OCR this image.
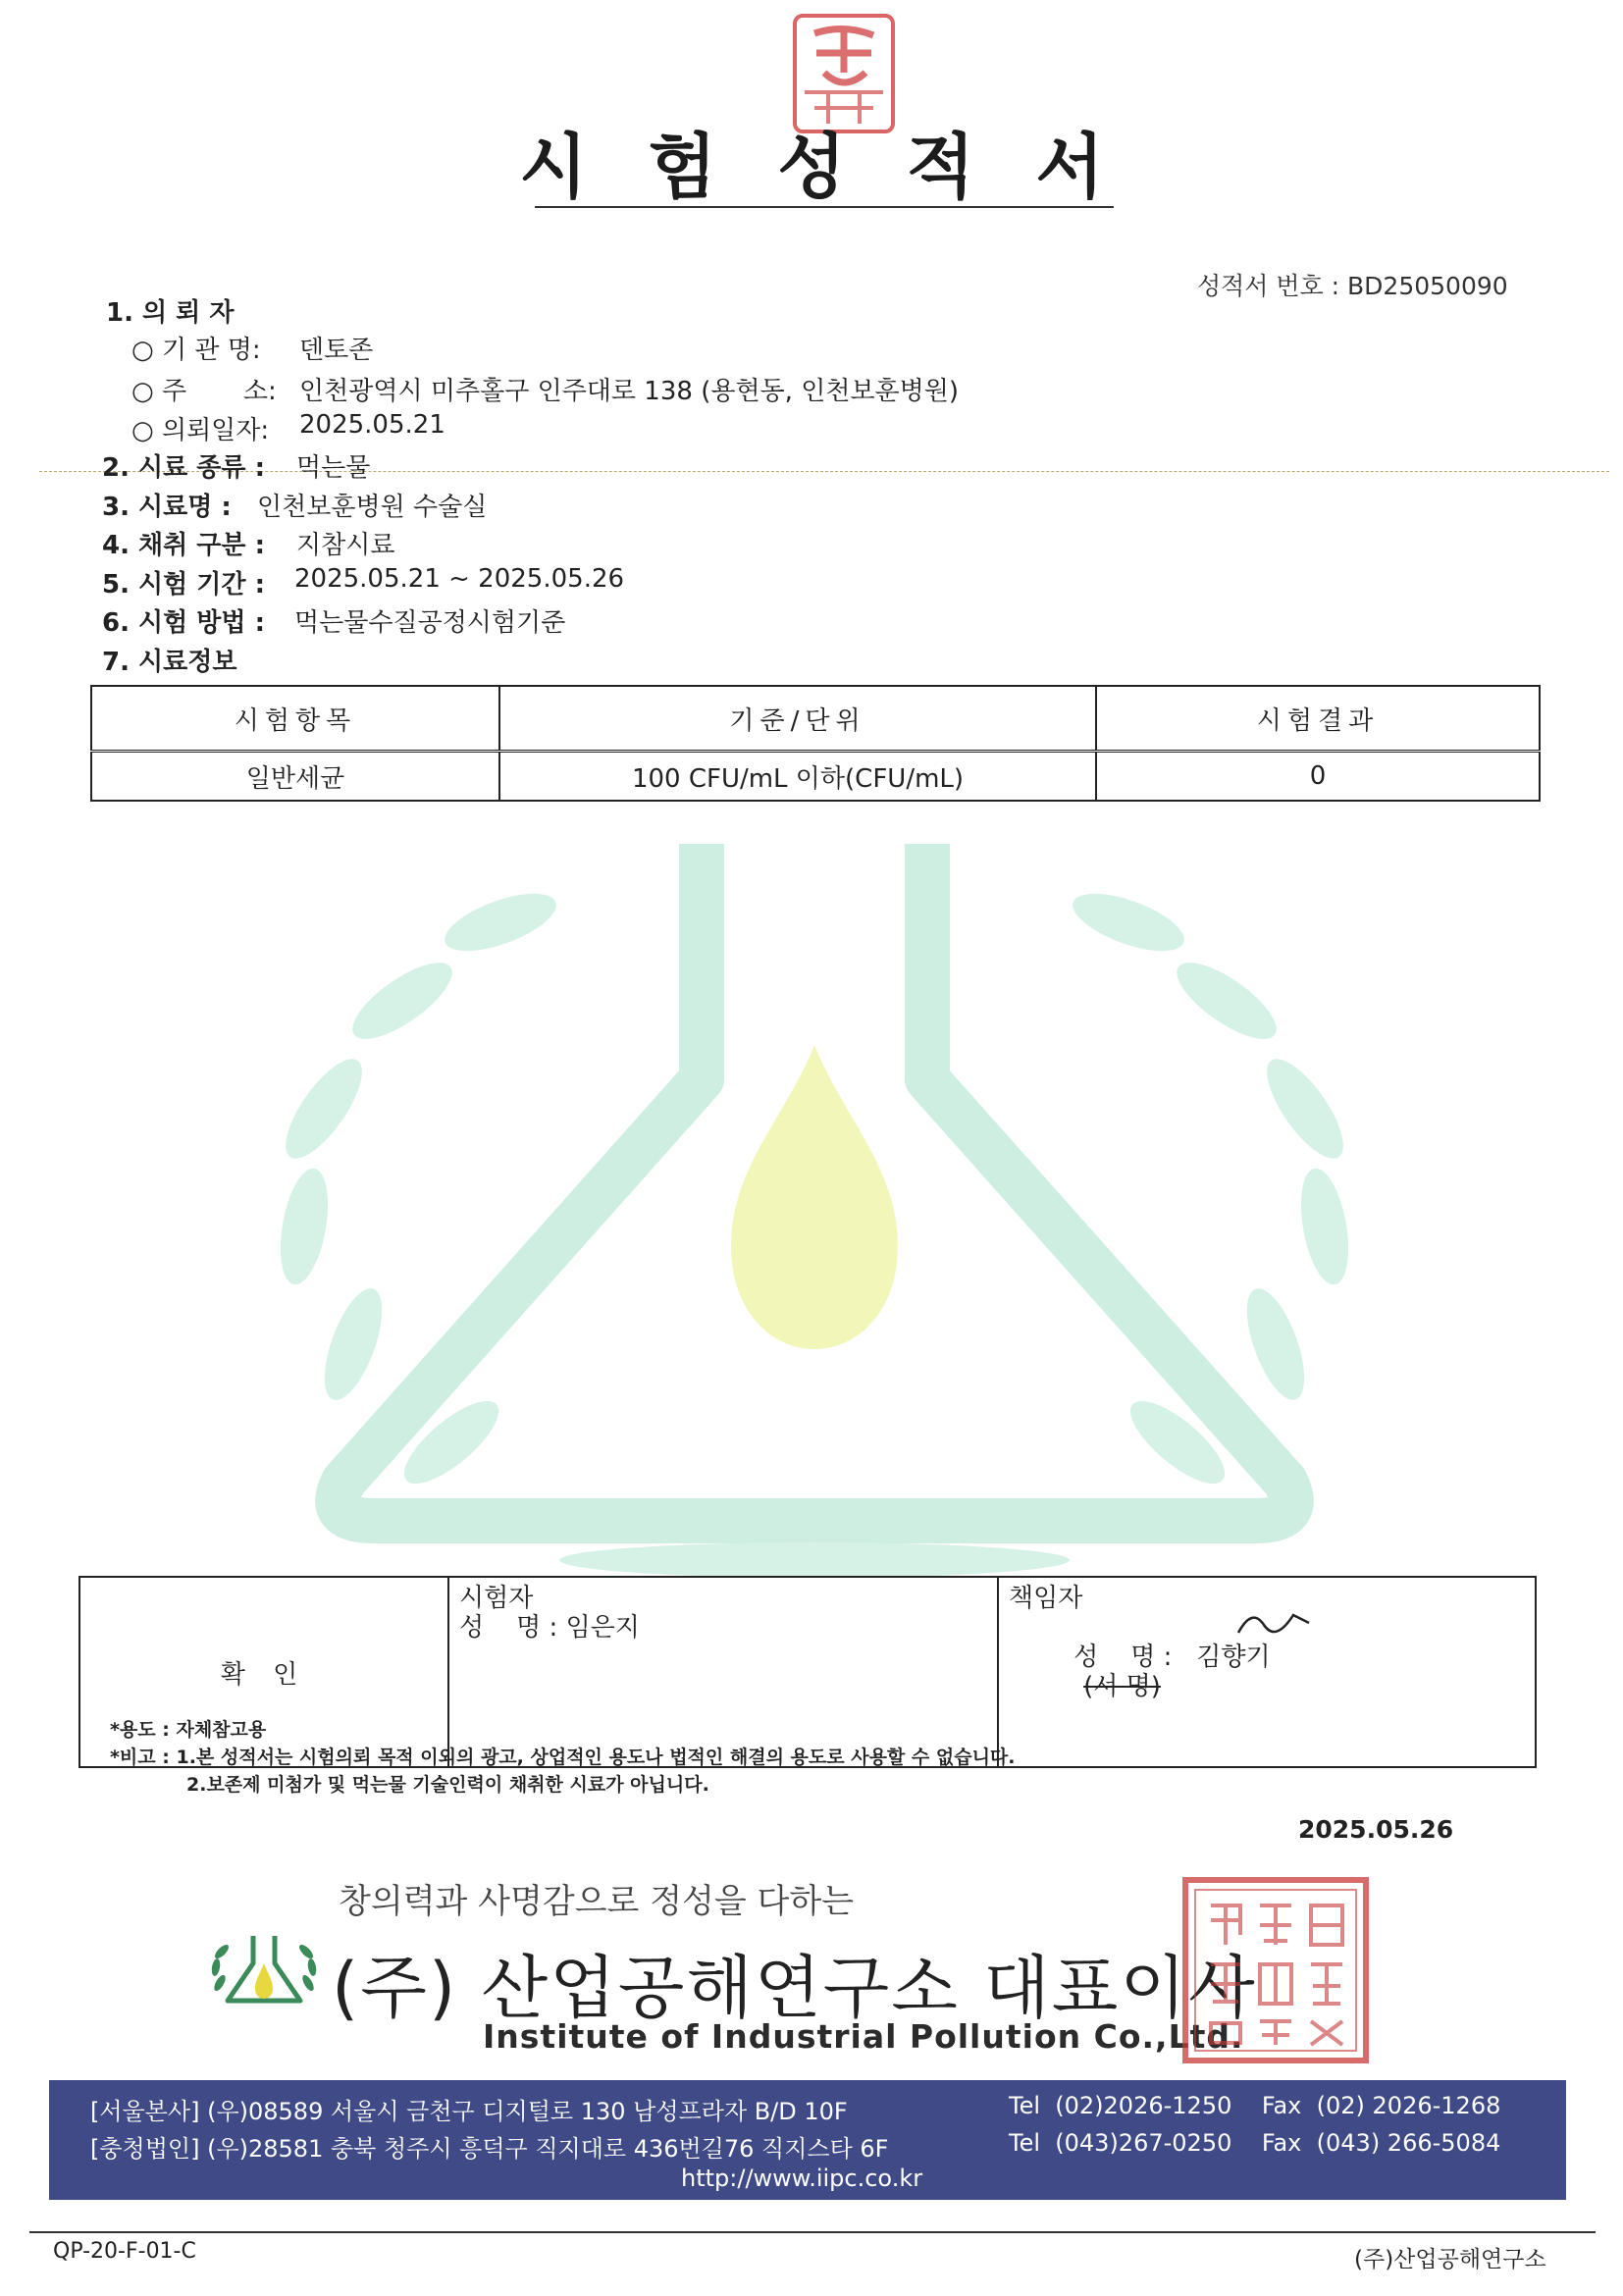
시험성적서
성적서 번호 : BD25050090
1. 의 뢰 자
○ 기 관 명: 덴토존
○ 주       소: 인천광역시 미추홀구 인주대로 138 (용현동, 인천보훈병원)
○ 의뢰일자: 2025.05.21
2. 시료 종류 : 먹는물
3. 시료명 : 인천보훈병원 수술실
4. 채취 구분 : 지참시료
5. 시험 기간 : 2025.05.21 ~ 2025.05.26
6. 시험 방법 : 먹는물수질공정시험기준
7. 시료정보
시험항목	기준/단위	시험결과
일반세균	100 CFU/mL 이하(CFU/mL)	0
확 인	
시험자
성    명 : 임은지

책임자

성    명 :   김향기
(서 명)

*용도 : 자체참고용
*비고 : 1.본 성적서는 시험의뢰 목적 이외의 광고, 상업적인 용도나 법적인 해결의 용도로 사용할 수 없습니다.
2.보존제 미첨가 및 먹는물 기술인력이 채취한 시료가 아닙니다.
2025.05.26
창의력과 사명감으로 정성을 다하는
(주) 산업공해연구소 대표이사
Institute of Industrial Pollution Co.,Ltd.
[서울본사] (우)08589 서울시 금천구 디지털로 130 남성프라자 B/D 10F	Tel  (02)2026-1250    Fax  (02) 2026-1268
[충청법인] (우)28581 충북 청주시 흥덕구 직지대로 436번길76 직지스타 6F	Tel  (043)267-0250    Fax  (043) 266-5084
http://www.iipc.co.kr
QP-20-F-01-C	(주)산업공해연구소
